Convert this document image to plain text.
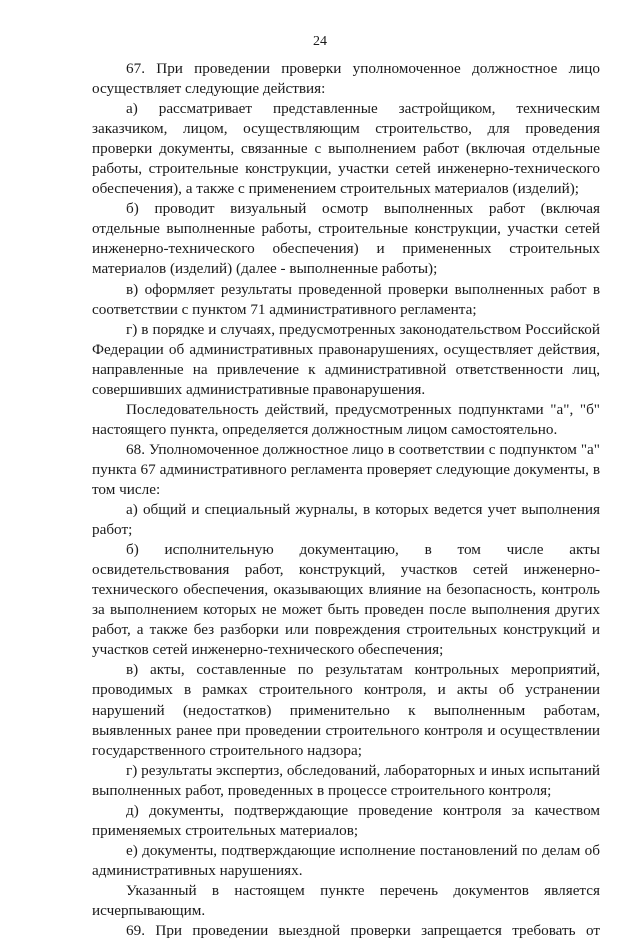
24

67. При проведении проверки уполномоченное должностное лицо осуществляет следующие действия:

а) рассматривает представленные застройщиком, техническим заказчиком, лицом, осуществляющим строительство, для проведения проверки документы, связанные с выполнением работ (включая отдельные работы, строительные конструкции, участки сетей инженерно-технического обеспечения), а также с применением строительных материалов (изделий);

б) проводит визуальный осмотр выполненных работ (включая отдельные выполненные работы, строительные конструкции, участки сетей инженерно-технического обеспечения) и примененных строительных материалов (изделий) (далее - выполненные работы);

в) оформляет результаты проведенной проверки выполненных работ в соответствии с пунктом 71 административного регламента;

г) в порядке и случаях, предусмотренных законодательством Российской Федерации об административных правонарушениях, осуществляет действия, направленные на привлечение к административной ответственности лиц, совершивших административные правонарушения.

Последовательность действий, предусмотренных подпунктами "а", "б" настоящего пункта, определяется должностным лицом самостоятельно.

68. Уполномоченное должностное лицо в соответствии с подпунктом "а" пункта 67 административного регламента проверяет следующие документы, в том числе:

а) общий и специальный журналы, в которых ведется учет выполнения работ;

б) исполнительную документацию, в том числе акты освидетельствования работ, конструкций, участков сетей инженерно-технического обеспечения, оказывающих влияние на безопасность, контроль за выполнением которых не может быть проведен после выполнения других работ, а также без разборки или повреждения строительных конструкций и участков сетей инженерно-технического обеспечения;

в) акты, составленные по результатам контрольных мероприятий, проводимых в рамках строительного контроля, и акты об устранении нарушений (недостатков) применительно к выполненным работам, выявленных ранее при проведении строительного контроля и осуществлении государственного строительного надзора;

г) результаты экспертиз, обследований, лабораторных и иных испытаний выполненных работ, проведенных в процессе строительного контроля;

д) документы, подтверждающие проведение контроля за качеством применяемых строительных материалов;

е) документы, подтверждающие исполнение постановлений по делам об административных нарушениях.

Указанный в настоящем пункте перечень документов является исчерпывающим.

69. При проведении выездной проверки запрещается требовать от
